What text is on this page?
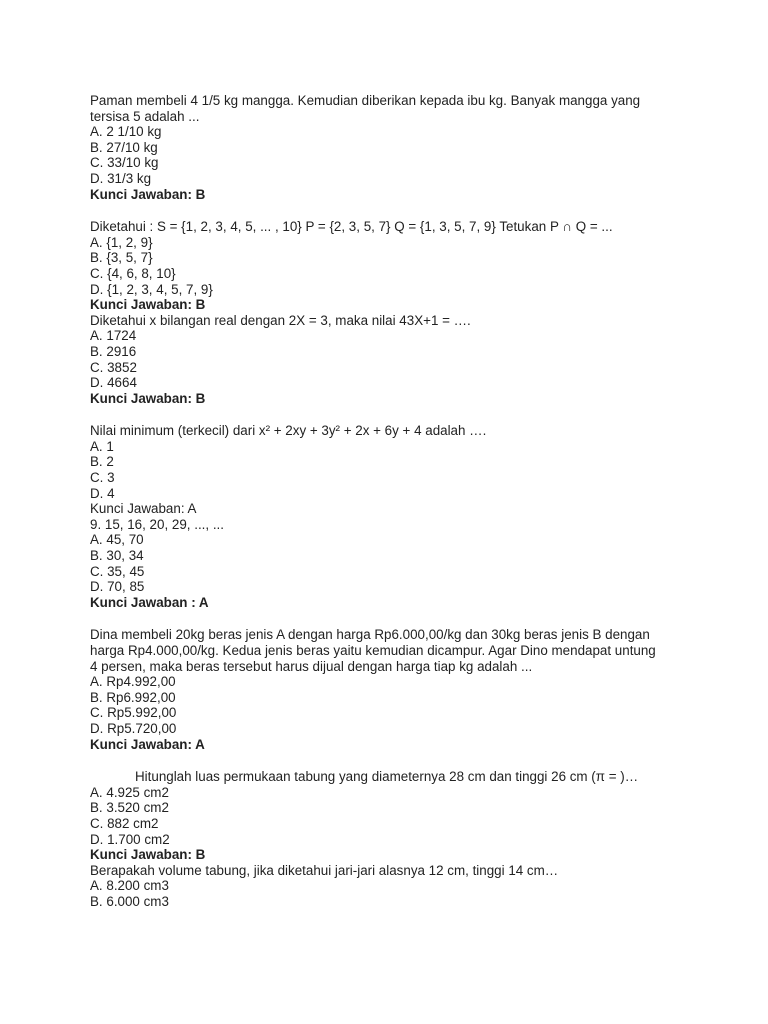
Paman membeli 4 1/5 kg mangga. Kemudian diberikan kepada ibu kg. Banyak mangga yang tersisa 5 adalah ...
A. 2 1/10 kg
B. 27/10 kg
C. 33/10 kg
D. 31/3 kg
Kunci Jawaban: B
Diketahui : S = {1, 2, 3, 4, 5, ... , 10} P = {2, 3, 5, 7} Q = {1, 3, 5, 7, 9} Tetukan P ∩ Q = ...
A. {1, 2, 9}
B. {3, 5, 7}
C. {4, 6, 8, 10}
D. {1, 2, 3, 4, 5, 7, 9}
Kunci Jawaban: B
Diketahui x bilangan real dengan 2X = 3, maka nilai 43X+1 = ….
A. 1724
B. 2916
C. 3852
D. 4664
Kunci Jawaban: B
Nilai minimum (terkecil) dari x² + 2xy + 3y² + 2x + 6y + 4 adalah ….
A. 1
B. 2
C. 3
D. 4
Kunci Jawaban: A
9. 15, 16, 20, 29, ..., ...
A. 45, 70
B. 30, 34
C. 35, 45
D. 70, 85
Kunci Jawaban : A
Dina membeli 20kg beras jenis A dengan harga Rp6.000,00/kg dan 30kg beras jenis B dengan harga Rp4.000,00/kg. Kedua jenis beras yaitu kemudian dicampur. Agar Dino mendapat untung 4 persen, maka beras tersebut harus dijual dengan harga tiap kg adalah ...
A. Rp4.992,00
B. Rp6.992,00
C. Rp5.992,00
D. Rp5.720,00
Kunci Jawaban: A
Hitunglah luas permukaan tabung yang diameternya 28 cm dan tinggi 26 cm (π = )…
A. 4.925 cm2
B. 3.520 cm2
C. 882 cm2
D. 1.700 cm2
Kunci Jawaban: B
Berapakah volume tabung, jika diketahui jari-jari alasnya 12 cm, tinggi 14 cm…
A. 8.200 cm3
B. 6.000 cm3
